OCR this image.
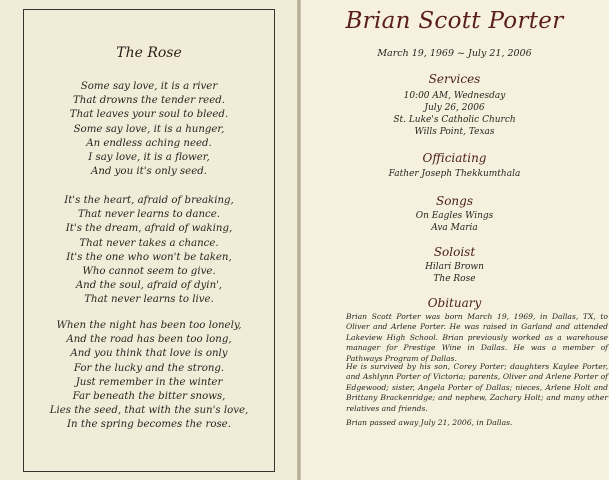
The Rose
Some say love, it is a river
That drowns the tender reed.
That leaves your soul to bleed.
Some say love, it is a hunger,
An endless aching need.
I say love, it is a flower,
And you it's only seed.
It's the heart, afraid of breaking,
That never learns to dance.
It's the dream, afraid of waking,
That never takes a chance.
It's the one who won't be taken,
Who cannot seem to give.
And the soul, afraid of dyin',
That never learns to live.
When the night has been too lonely,
And the road has been too long,
And you think that love is only
For the lucky and the strong.
Just remember in the winter
Far beneath the bitter snows,
Lies the seed, that with the sun's love,
In the spring becomes the rose.
Brian Scott Porter
March 19, 1969 ~ July 21, 2006
Services
10:00 AM, Wednesday
July 26, 2006
St. Luke's Catholic Church
Wills Point, Texas
Officiating
Father Joseph Thekkumthala
Songs
On Eagles Wings
Ava Maria
Soloist
Hilari Brown
The Rose
Obituary
Brian Scott Porter was born March 19, 1969, in Dallas, TX, to Oliver and Arlene Porter. He was raised in Garland and attended Lakeview High School. Brian previously worked as a warehouse manager for Prestige Wine in Dallas. He was a member of Pathways Program of Dallas.
He is survived by his son, Corey Porter; daughters Kaylee Porter, and Ashlynn Porter of Victoria; parents, Oliver and Arlene Porter of Edgewood; sister, Angela Porter of Dallas; nieces, Arlene Holt and Brittany Brackenridge; and nephew, Zachary Holt; and many other relatives and friends.
Brian passed away July 21, 2006, in Dallas.
